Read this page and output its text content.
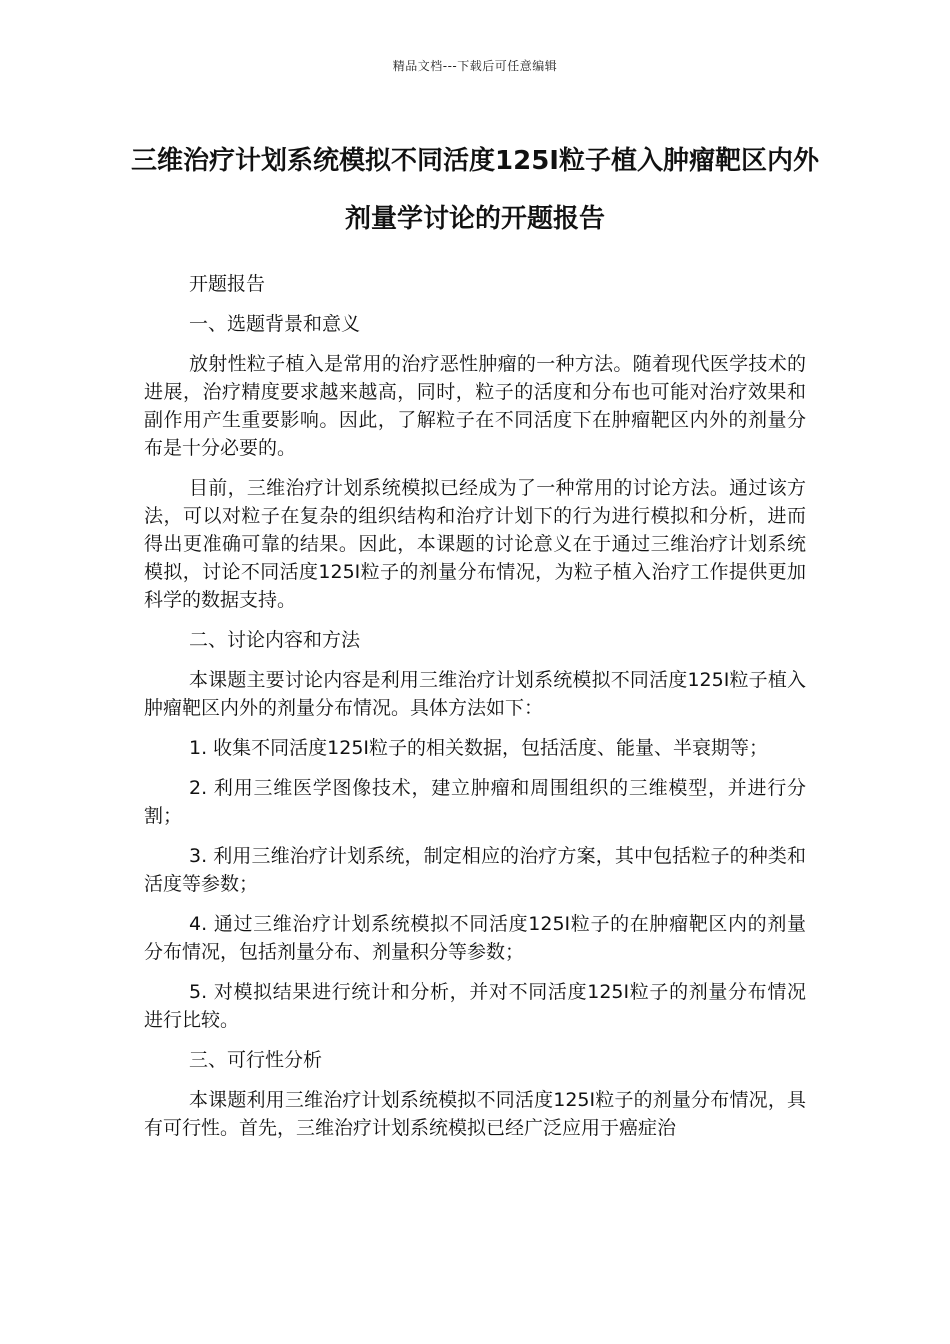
精品文档---下载后可任意编辑
三维治疗计划系统模拟不同活度125I粒子植入肿瘤靶区内外剂量学讨论的开题报告

开题报告

一、选题背景和意义

放射性粒子植入是常用的治疗恶性肿瘤的一种方法。随着现代医学技术的进展，治疗精度要求越来越高，同时，粒子的活度和分布也可能对治疗效果和副作用产生重要影响。因此，了解粒子在不同活度下在肿瘤靶区内外的剂量分布是十分必要的。

目前，三维治疗计划系统模拟已经成为了一种常用的讨论方法。通过该方法，可以对粒子在复杂的组织结构和治疗计划下的行为进行模拟和分析，进而得出更准确可靠的结果。因此，本课题的讨论意义在于通过三维治疗计划系统模拟，讨论不同活度125I粒子的剂量分布情况，为粒子植入治疗工作提供更加科学的数据支持。

二、讨论内容和方法

本课题主要讨论内容是利用三维治疗计划系统模拟不同活度125I粒子植入肿瘤靶区内外的剂量分布情况。具体方法如下：

1. 收集不同活度125I粒子的相关数据，包括活度、能量、半衰期等；

2. 利用三维医学图像技术，建立肿瘤和周围组织的三维模型，并进行分割；

3. 利用三维治疗计划系统，制定相应的治疗方案，其中包括粒子的种类和活度等参数；

4. 通过三维治疗计划系统模拟不同活度125I粒子的在肿瘤靶区内的剂量分布情况，包括剂量分布、剂量积分等参数；

5. 对模拟结果进行统计和分析，并对不同活度125I粒子的剂量分布情况进行比较。

三、可行性分析

本课题利用三维治疗计划系统模拟不同活度125I粒子的剂量分布情况，具有可行性。首先，三维治疗计划系统模拟已经广泛应用于癌症治
